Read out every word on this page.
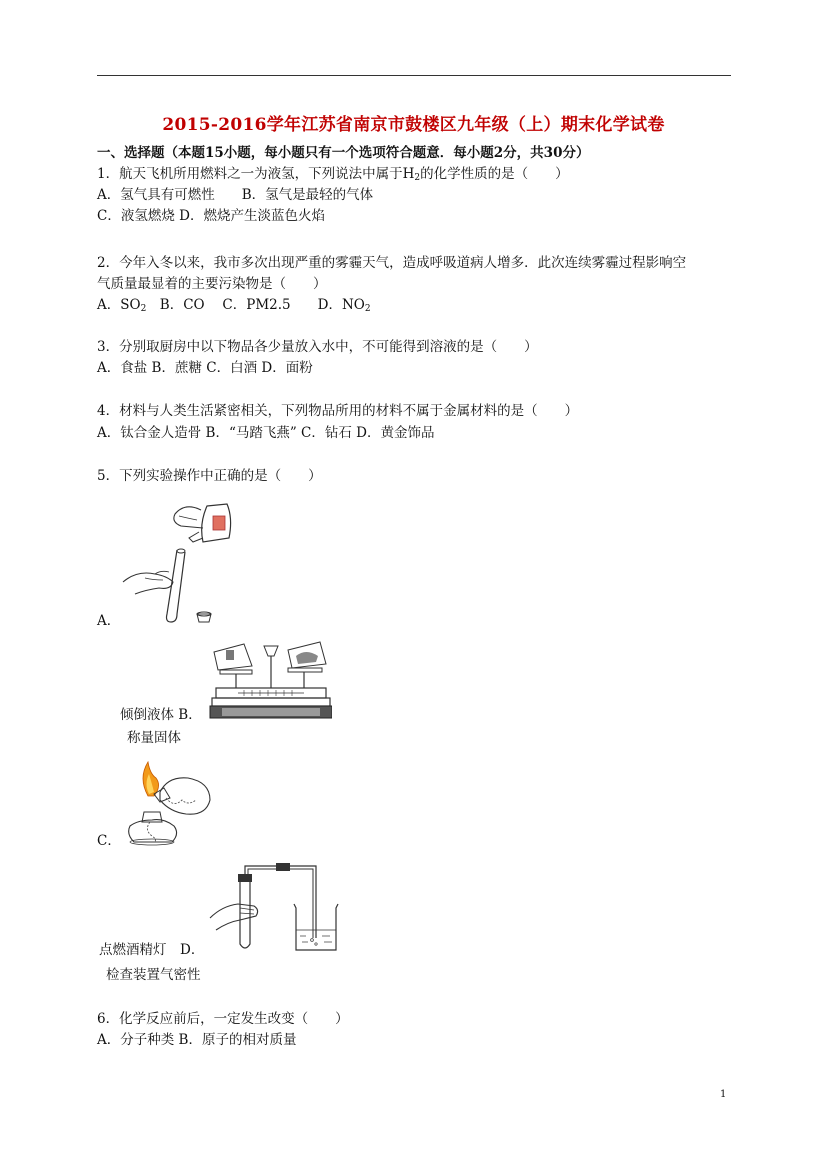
2015-2016学年江苏省南京市鼓楼区九年级（上）期末化学试卷
一、选择题（本题15小题，每小题只有一个选项符合题意．每小题2分，共30分）
1．航天飞机所用燃料之一为液氢，下列说法中属于$H_2$的化学性质的是（　　）
A．氢气具有可燃性　　B．氢气是最轻的气体
C．液氢燃烧 D．燃烧产生淡蓝色火焰
2．今年入冬以来，我市多次出现严重的雾霾天气，造成呼吸道病人增多．此次连续雾霾过程影响空
气质量最显着的主要污染物是（　　）
A．$SO_2$　B．CO　 C．PM2.5　　D．$NO_2$
3．分别取厨房中以下物品各少量放入水中，不可能得到溶液的是（　　）
A．食盐 B．蔗糖 C．白酒 D．面粉
4．材料与人类生活紧密相关，下列物品所用的材料不属于金属材料的是（　　）
A．钛合金人造骨 B．“马踏飞燕” C．钻石 D．黄金饰品
5．下列实验操作中正确的是（　　）
A．
倾倒液体 B．
称量固体
C．
点燃酒精灯　D．
检查装置气密性
6．化学反应前后，一定发生改变（　　）
A．分子种类 B．原子的相对质量
1
